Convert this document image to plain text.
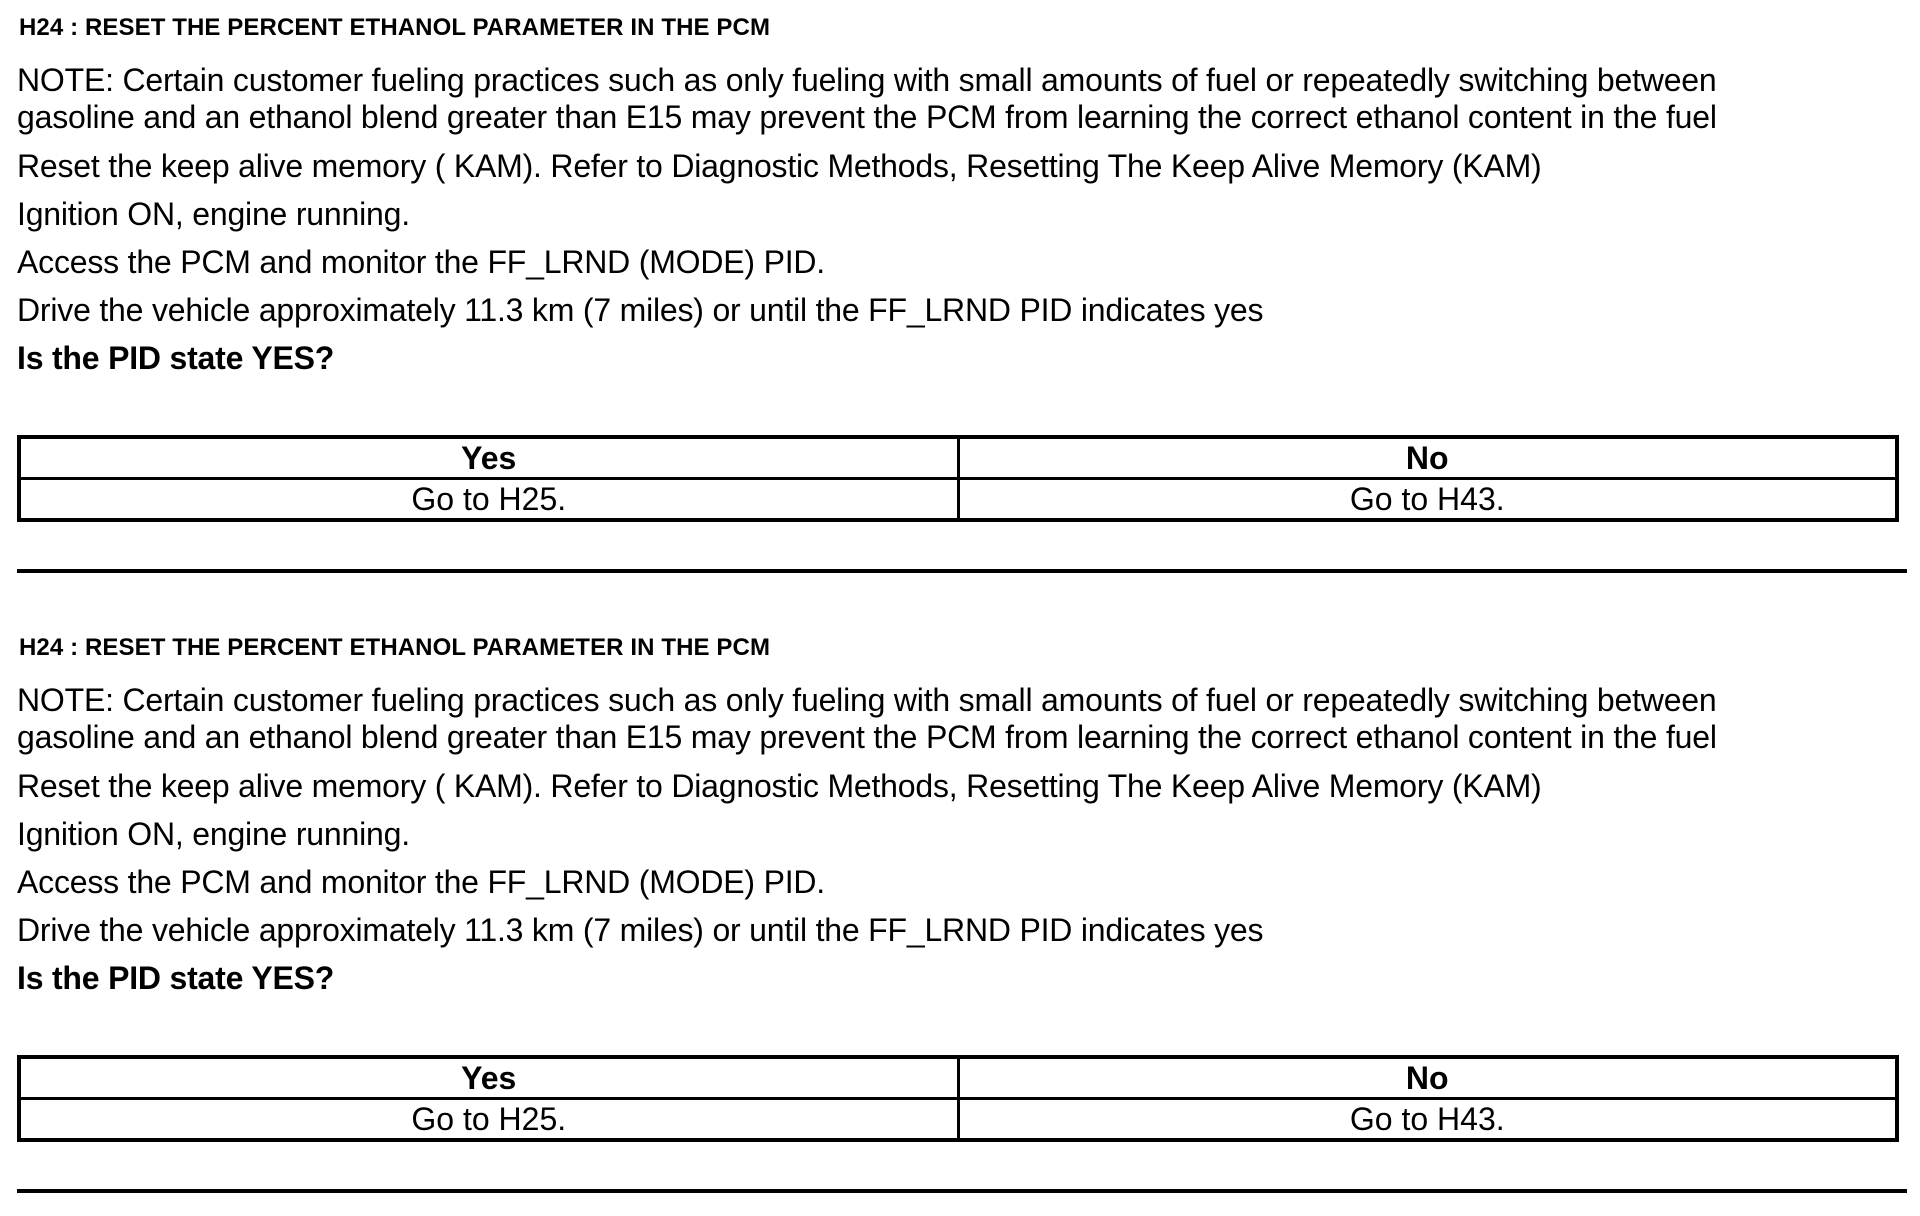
H24 : RESET THE PERCENT ETHANOL PARAMETER IN THE PCM
NOTE: Certain customer fueling practices such as only fueling with small amounts of fuel or repeatedly switching between
gasoline and an ethanol blend greater than E15 may prevent the PCM from learning the correct ethanol content in the fuel
Reset the keep alive memory ( KAM). Refer to Diagnostic Methods, Resetting The Keep Alive Memory (KAM)
Ignition ON, engine running.
Access the PCM and monitor the FF_LRND (MODE) PID.
Drive the vehicle approximately 11.3 km (7 miles) or until the FF_LRND PID indicates yes
Is the PID state YES?
Yes	No
Go to H25.	Go to H43.
H24 : RESET THE PERCENT ETHANOL PARAMETER IN THE PCM
NOTE: Certain customer fueling practices such as only fueling with small amounts of fuel or repeatedly switching between
gasoline and an ethanol blend greater than E15 may prevent the PCM from learning the correct ethanol content in the fuel
Reset the keep alive memory ( KAM). Refer to Diagnostic Methods, Resetting The Keep Alive Memory (KAM)
Ignition ON, engine running.
Access the PCM and monitor the FF_LRND (MODE) PID.
Drive the vehicle approximately 11.3 km (7 miles) or until the FF_LRND PID indicates yes
Is the PID state YES?
Yes	No
Go to H25.	Go to H43.
